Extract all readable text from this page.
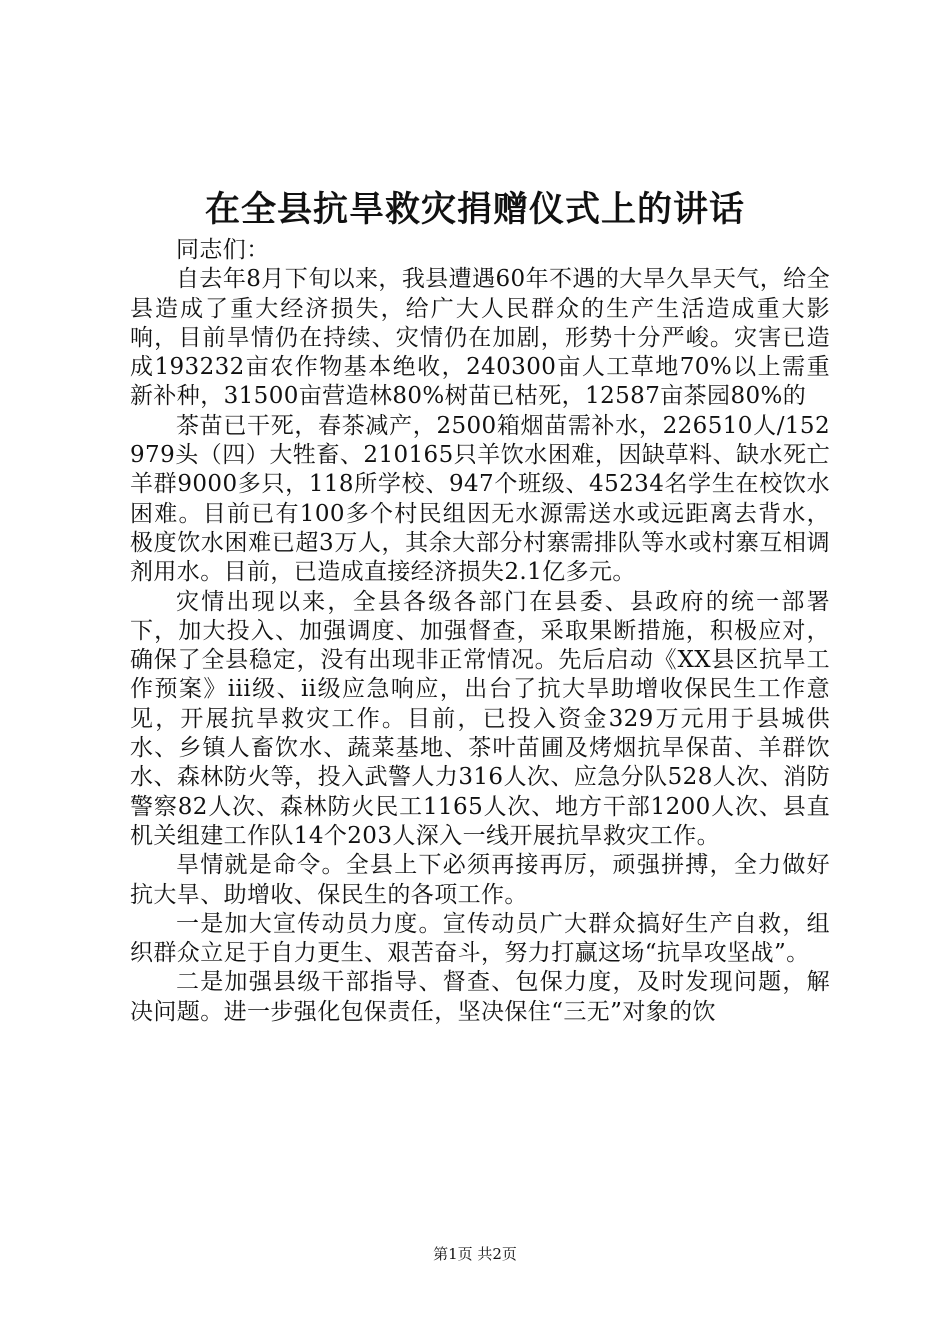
在全县抗旱救灾捐赠仪式上的讲话

同志们：

自去年8月下旬以来，我县遭遇60年不遇的大旱久旱天气，给全县造成了重大经济损失，给广大人民群众的生产生活造成重大影响，目前旱情仍在持续、灾情仍在加剧，形势十分严峻。灾害已造成193232亩农作物基本绝收，240300亩人工草地70%以上需重新补种，31500亩营造林80%树苗已枯死，12587亩茶园80%的

茶苗已干死，春茶减产，2500箱烟苗需补水，226510人/152979头（四）大牲畜、210165只羊饮水困难，因缺草料、缺水死亡羊群9000多只，118所学校、947个班级、45234名学生在校饮水困难。目前已有100多个村民组因无水源需送水或远距离去背水，极度饮水困难已超3万人，其余大部分村寨需排队等水或村寨互相调剂用水。目前，已造成直接经济损失2.1亿多元。

灾情出现以来，全县各级各部门在县委、县政府的统一部署下，加大投入、加强调度、加强督查，采取果断措施，积极应对，确保了全县稳定，没有出现非正常情况。先后启动《XX县区抗旱工作预案》iii级、ii级应急响应，出台了抗大旱助增收保民生工作意见，开展抗旱救灾工作。目前，已投入资金329万元用于县城供水、乡镇人畜饮水、蔬菜基地、茶叶苗圃及烤烟抗旱保苗、羊群饮水、森林防火等，投入武警人力316人次、应急分队528人次、消防警察82人次、森林防火民工1165人次、地方干部1200人次、县直机关组建工作队14个203人深入一线开展抗旱救灾工作。

旱情就是命令。全县上下必须再接再厉，顽强拼搏，全力做好抗大旱、助增收、保民生的各项工作。

一是加大宣传动员力度。宣传动员广大群众搞好生产自救，组织群众立足于自力更生、艰苦奋斗，努力打赢这场“抗旱攻坚战”。

二是加强县级干部指导、督查、包保力度，及时发现问题，解决问题。进一步强化包保责任，坚决保住“三无”对象的饮

第1页 共2页
